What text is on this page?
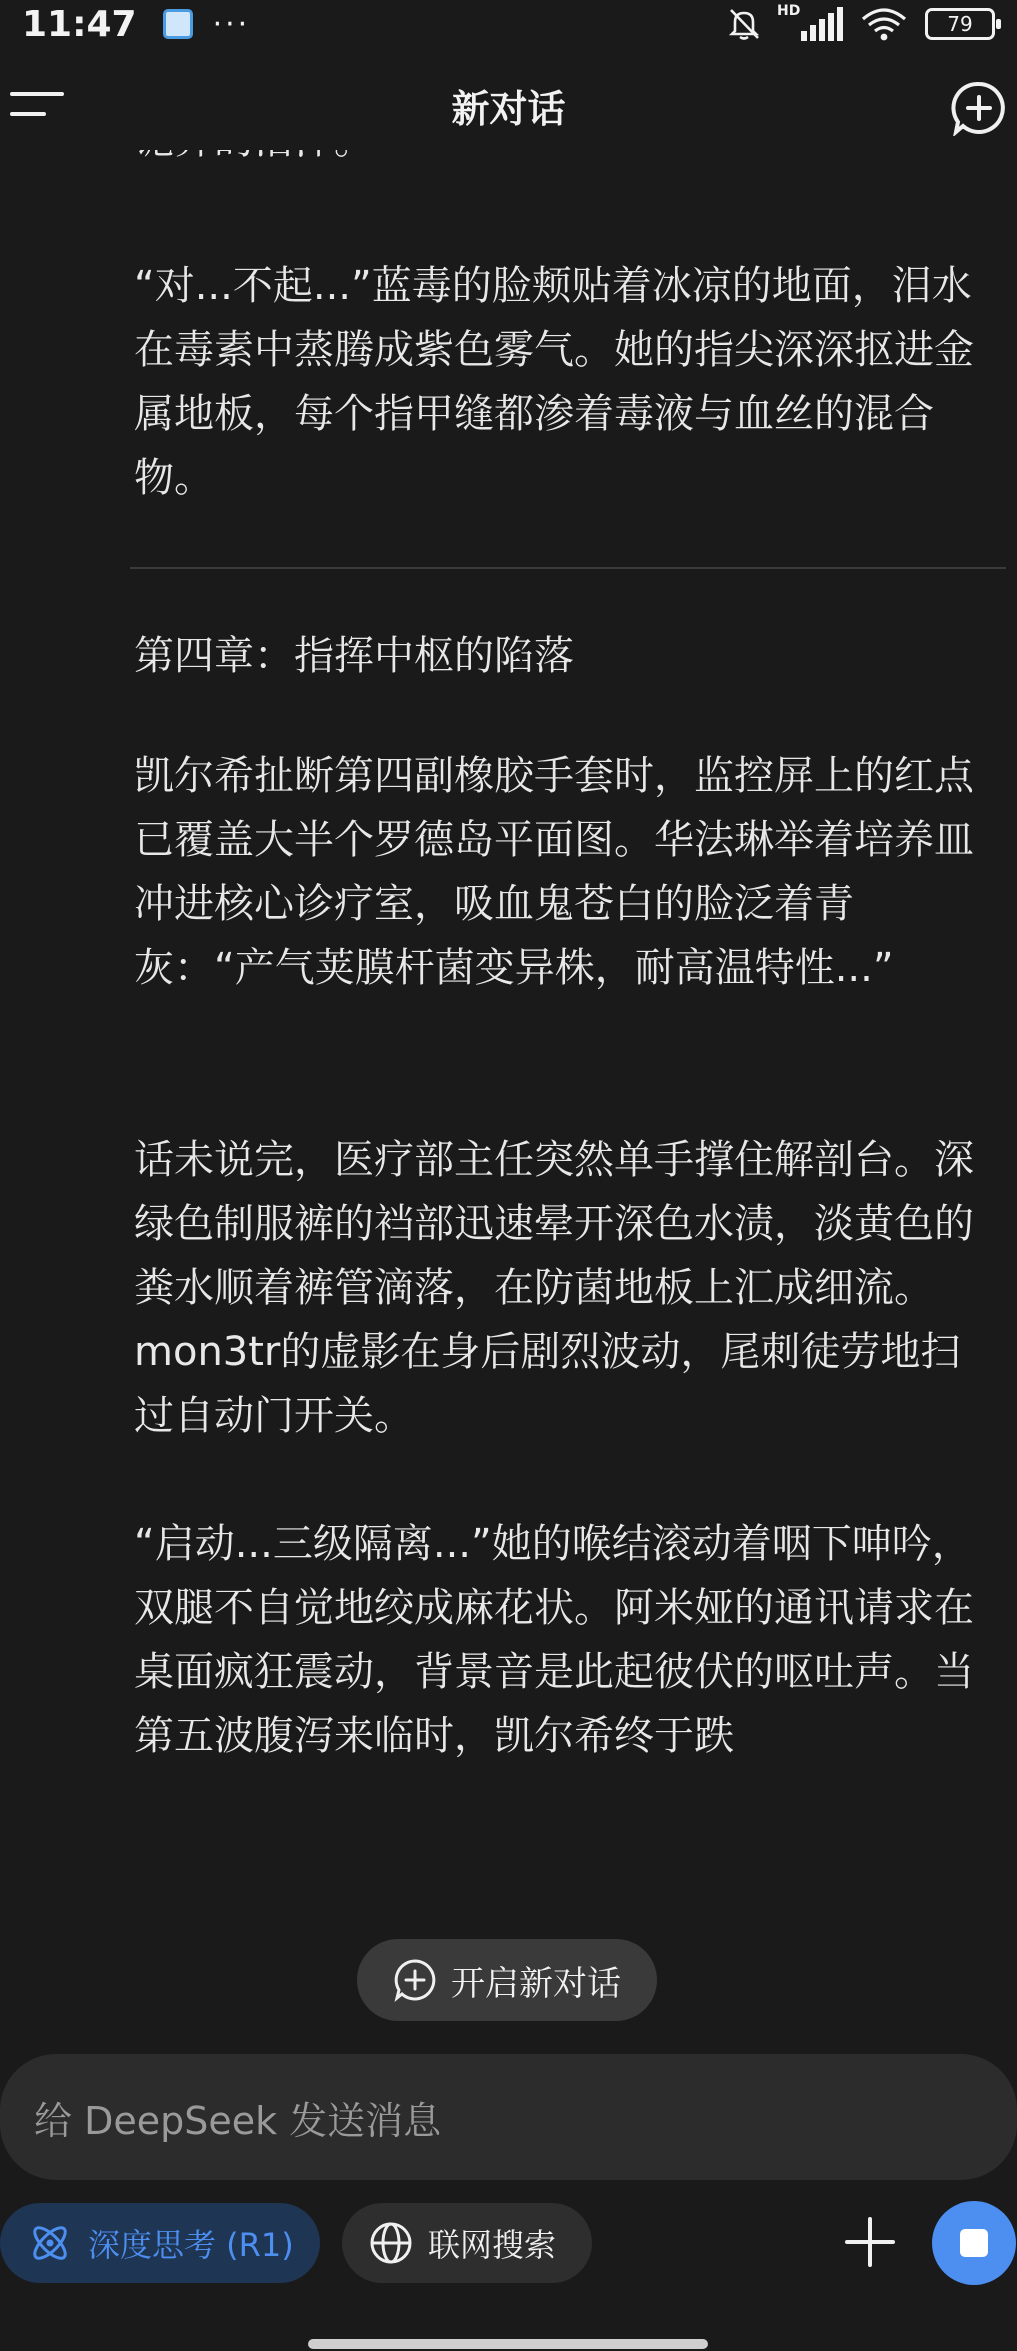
11:47	···	HD
79
新对话
“对...不起...”蓝毒的脸颊贴着冰凉的地面，泪水在毒素中蒸腾成紫色雾气。她的指尖深深抠进金属地板，每个指甲缝都渗着毒液与血丝的混合物。
第四章：指挥中枢的陷落
凯尔希扯断第四副橡胶手套时，监控屏上的红点已覆盖大半个罗德岛平面图。华法琳举着培养皿冲进核心诊疗室，吸血鬼苍白的脸泛着青灰：“产气荚膜杆菌变异株，耐高温特性...”
话未说完，医疗部主任突然单手撑住解剖台。深绿色制服裤的裆部迅速晕开深色水渍，淡黄色的粪水顺着裤管滴落，在防菌地板上汇成细流。mon3tr的虚影在身后剧烈波动，尾刺徒劳地扫过自动门开关。
“启动...三级隔离...”她的喉结滚动着咽下呻吟，双腿不自觉地绞成麻花状。阿米娅的通讯请求在桌面疯狂震动，背景音是此起彼伏的呕吐声。当第五波腹泻来临时，凯尔希终于跌
开启新对话
给 DeepSeek 发送消息
深度思考 (R1)	联网搜索
